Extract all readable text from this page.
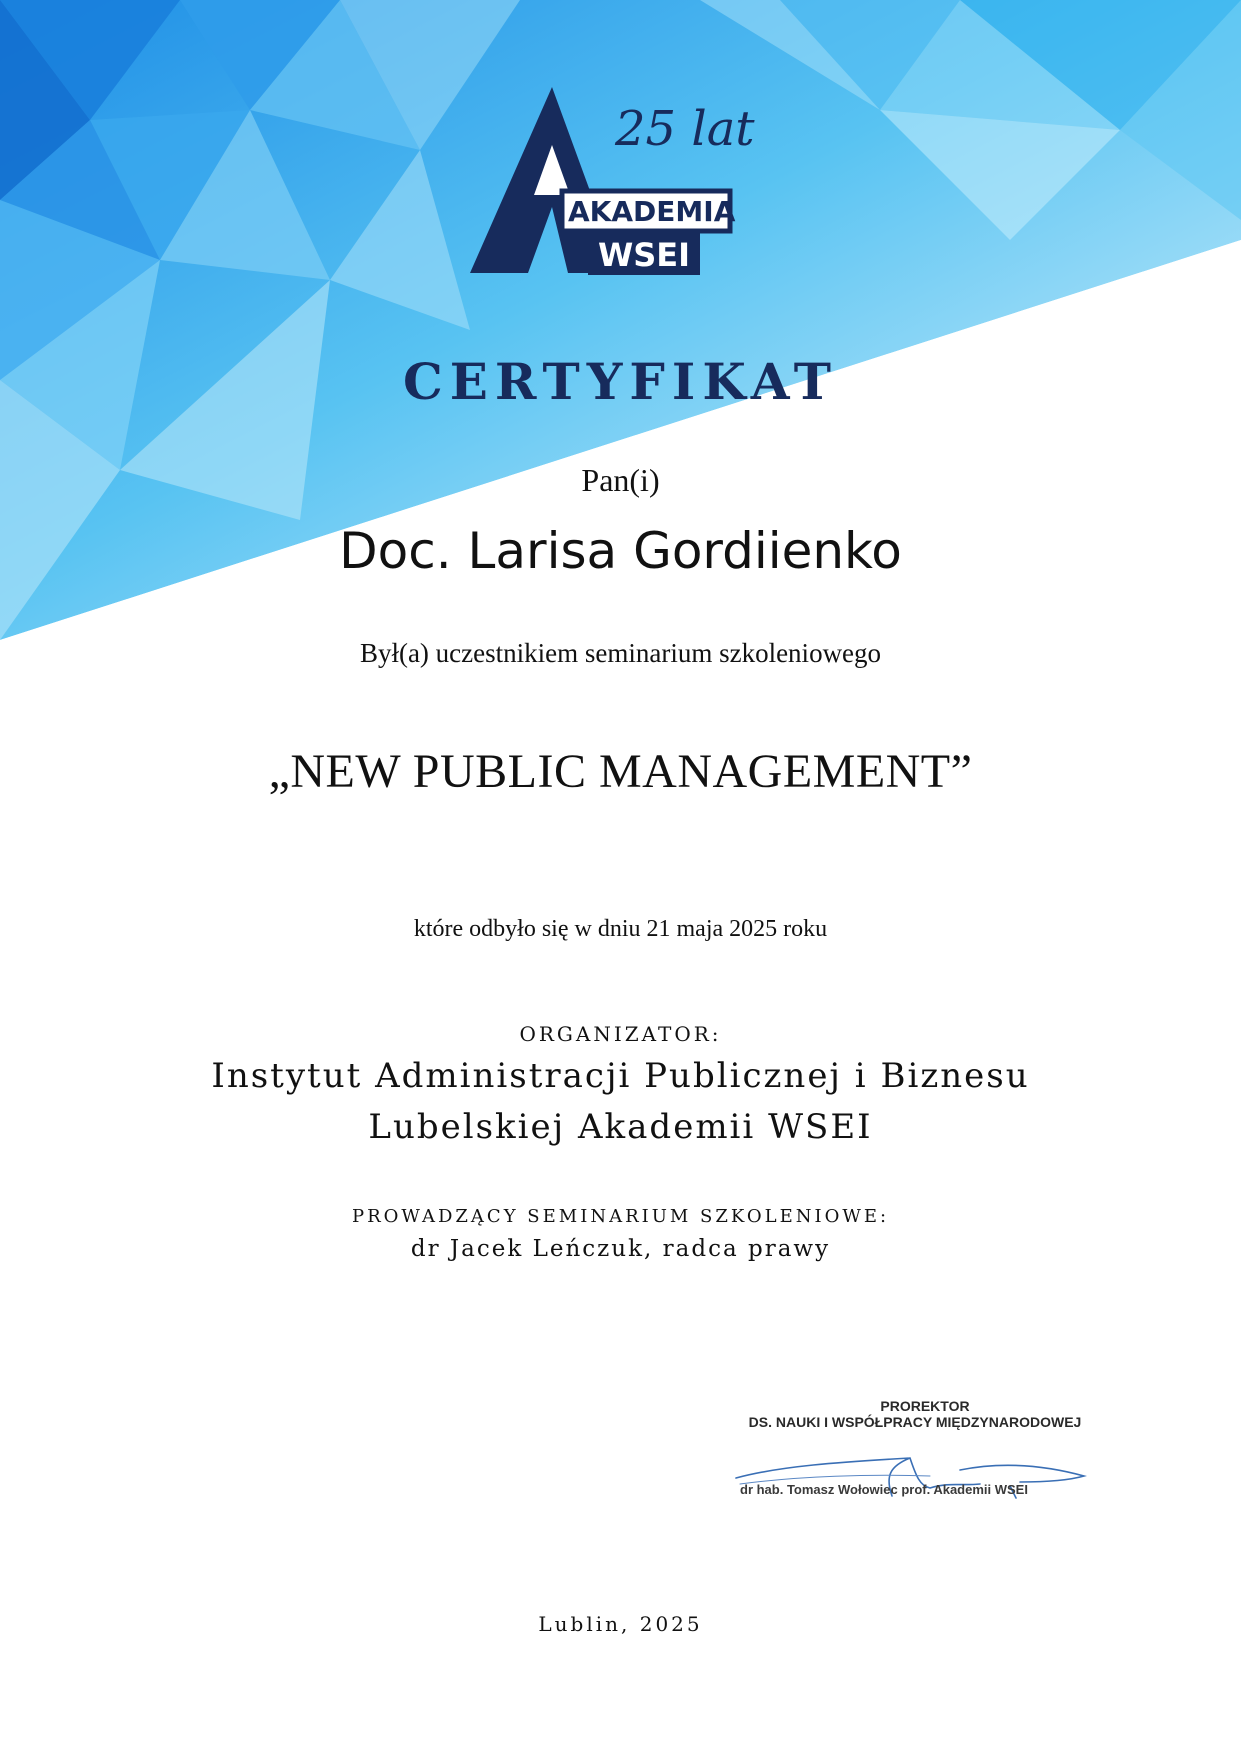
25 lat
AKADEMIA
WSEI
CERTYFIKAT
Pan(i)
Doc. Larisa Gordiienko
Był(a) uczestnikiem seminarium szkoleniowego
„NEW PUBLIC MANAGEMENT”
które odbyło się w dniu 21 maja 2025 roku
ORGANIZATOR:
Instytut Administracji Publicznej i Biznesu
Lubelskiej Akademii WSEI
PROWADZĄCY SEMINARIUM SZKOLENIOWE:
dr Jacek Leńczuk, radca prawy
PROREKTOR
DS. NAUKI I WSPÓŁPRACY MIĘDZYNARODOWEJ
dr hab. Tomasz Wołowiec prof. Akademii WSEI
Lublin, 2025
